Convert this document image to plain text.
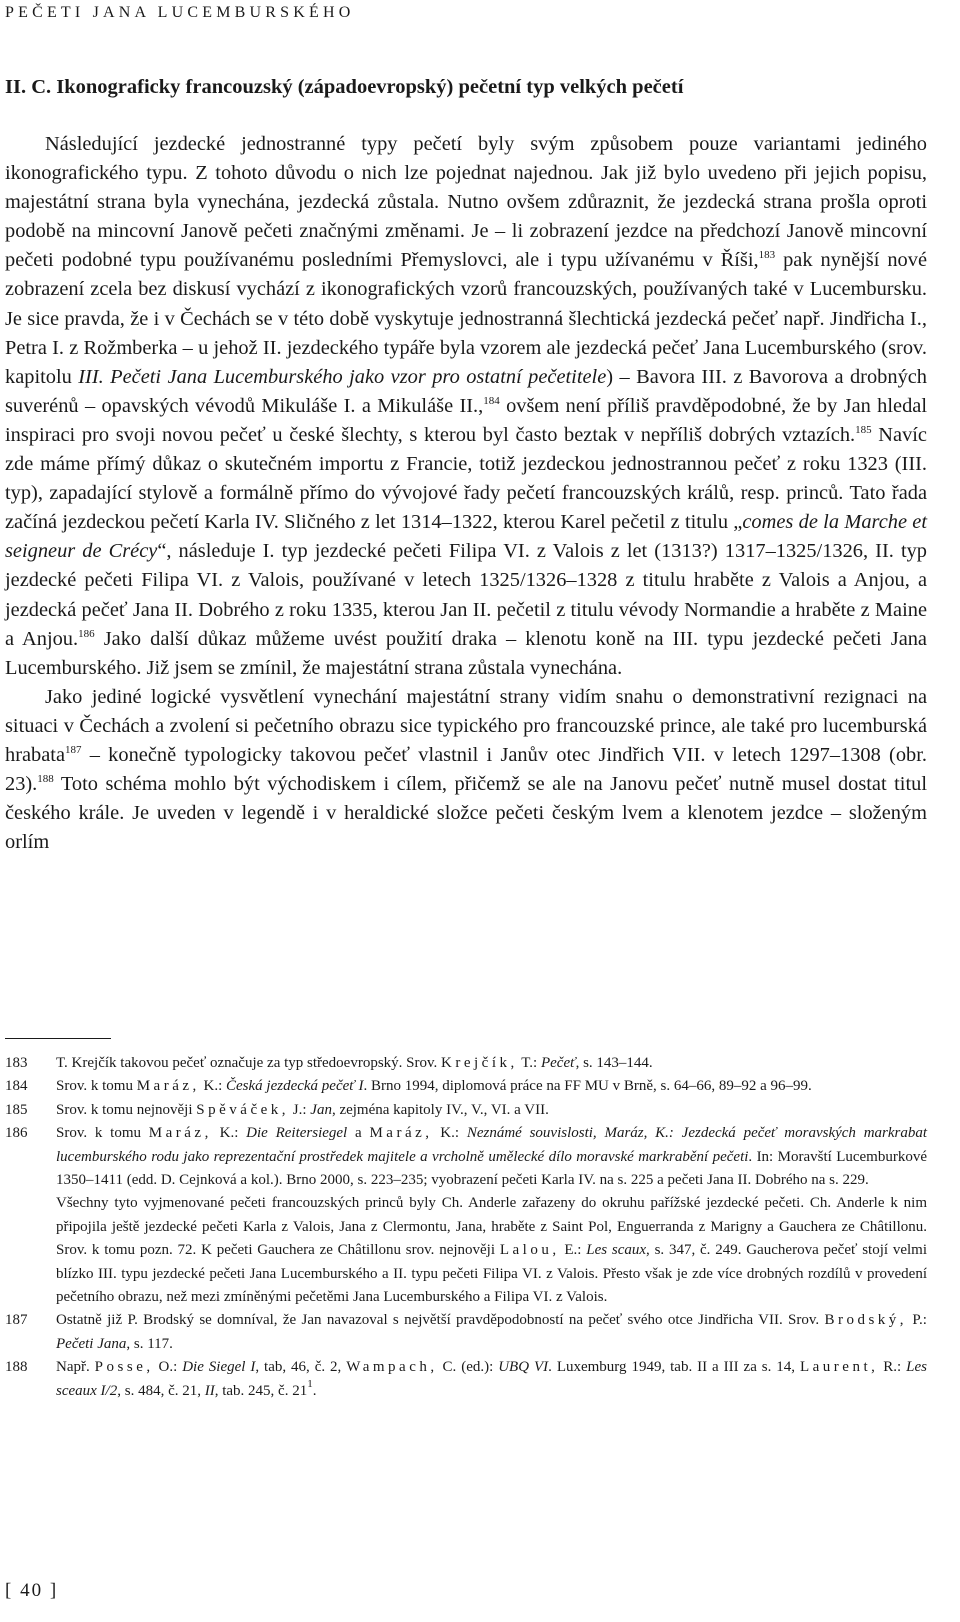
PEČETI JANA LUCEMBURSKÉHO
II. C. Ikonograficky francouzský (západoevropský) pečetní typ velkých pečetí

Následující jezdecké jednostranné typy pečetí byly svým způsobem pouze variantami jediného ikonografického typu. Z tohoto důvodu o nich lze pojednat najednou. Jak již bylo uvedeno při jejich popisu, majestátní strana byla vynechána, jezdecká zůstala. Nutno ovšem zdůraznit, že jezdecká strana prošla oproti podobě na mincovní Janově pečeti značnými změnami. Je – li zobrazení jezdce na předchozí Janově mincovní pečeti podobné typu používanému posledními Přemyslovci, ale i typu užívanému v Říši,$^{183}$ pak nynější nové zobrazení zcela bez diskusí vychází z ikonografických vzorů francouzských, používaných také v Lucembursku. Je sice pravda, že i v Čechách se v této době vyskytuje jednostranná šlechtická jezdecká pečeť např. Jindřicha I., Petra I. z Rožmberka – u jehož II. jezdeckého typáře byla vzorem ale jezdecká pečeť Jana Lucemburského (srov. kapitolu III. Pečeti Jana Lucemburského jako vzor pro ostatní pečetitele) – Bavora III. z Bavorova a drobných suverénů – opavských vévodů Mikuláše I. a Mikuláše II.,$^{184}$ ovšem není příliš pravděpodobné, že by Jan hledal inspiraci pro svoji novou pečeť u české šlechty, s kterou byl často beztak v nepříliš dobrých vztazích.$^{185}$ Navíc zde máme přímý důkaz o skutečném importu z Francie, totiž jezdeckou jednostrannou pečeť z roku 1323 (III. typ), zapadající stylově a formálně přímo do vývojové řady pečetí francouzských králů, resp. princů. Tato řada začíná jezdeckou pečetí Karla IV. Sličného z let 1314–1322, kterou Karel pečetil z titulu „comes de la Marche et seigneur de Crécy“, následuje I. typ jezdecké pečeti Filipa VI. z Valois z let (1313?) 1317–1325/1326, II. typ jezdecké pečeti Filipa VI. z Valois, používané v letech 1325/1326–1328 z titulu hraběte z Valois a Anjou, a jezdecká pečeť Jana II. Dobrého z roku 1335, kterou Jan II. pečetil z titulu vévody Normandie a hraběte z Maine a Anjou.$^{186}$ Jako další důkaz můžeme uvést použití draka – klenotu koně na III. typu jezdecké pečeti Jana Lucemburského. Již jsem se zmínil, že majestátní strana zůstala vynechána.

Jako jediné logické vysvětlení vynechání majestátní strany vidím snahu o demonstrativní rezignaci na situaci v Čechách a zvolení si pečetního obrazu sice typického pro francouzské prince, ale také pro lucemburská hrabata$^{187}$ – konečně typologicky takovou pečeť vlastnil i Janův otec Jindřich VII. v letech 1297–1308 (obr. 23).$^{188}$ Toto schéma mohlo být východiskem i cílem, přičemž se ale na Janovu pečeť nutně musel dostat titul českého krále. Je uveden v legendě i v heraldické složce pečeti českým lvem a klenotem jezdce – složeným orlím

183	T. Krejčík takovou pečeť označuje za typ středoevropský. Srov. Krejčík, T.: Pečeť, s. 143–144.
184	Srov. k tomu Maráz, K.: Česká jezdecká pečeť I. Brno 1994, diplomová práce na FF MU v Brně, s. 64–66, 89–92 a 96–99.
185	Srov. k tomu nejnověji Spěváček, J.: Jan, zejména kapitoly IV., V., VI. a VII.
186	Srov. k tomu Maráz, K.: Die Reitersiegel a Maráz, K.: Neznámé souvislosti, Maráz, K.: Jezdecká pečeť moravských markrabat lucemburského rodu jako reprezentační prostředek majitele a vrcholně umělecké dílo moravské markrabění pečeti. In: Moravští Lucemburkové 1350–1411 (edd. D. Cejnková a kol.). Brno 2000, s. 223–235; vyobrazení pečeti Karla IV. na s. 225 a pečeti Jana II. Dobrého na s. 229.
Všechny tyto vyjmenované pečeti francouzských princů byly Ch. Anderle zařazeny do okruhu pařížské jezdecké pečeti. Ch. Anderle k nim připojila ještě jezdecké pečeti Karla z Valois, Jana z Clermontu, Jana, hraběte z Saint Pol, Enguerranda z Marigny a Gauchera ze Châtillonu. Srov. k tomu pozn. 72. K pečeti Gauchera ze Châtillonu srov. nejnověji Lalou, E.: Les scaux, s. 347, č. 249. Gaucherova pečeť stojí velmi blízko III. typu jezdecké pečeti Jana Lucemburského a II. typu pečeti Filipa VI. z Valois. Přesto však je zde více drobných rozdílů v provedení pečetního obrazu, než mezi zmíněnými pečetěmi Jana Lucemburského a Filipa VI. z Valois.
187	Ostatně již P. Brodský se domníval, že Jan navazoval s největší pravděpodobností na pečeť svého otce Jindřicha VII. Srov. Brodský, P.: Pečeti Jana, s. 117.
188	Např. Posse, O.: Die Siegel I, tab, 46, č. 2, Wampach, C. (ed.): UBQ VI. Luxemburg 1949, tab. II a III za s. 14, Laurent, R.: Les sceaux I/2, s. 484, č. 21, II, tab. 245, č. $21^1$.
[ 40 ]
